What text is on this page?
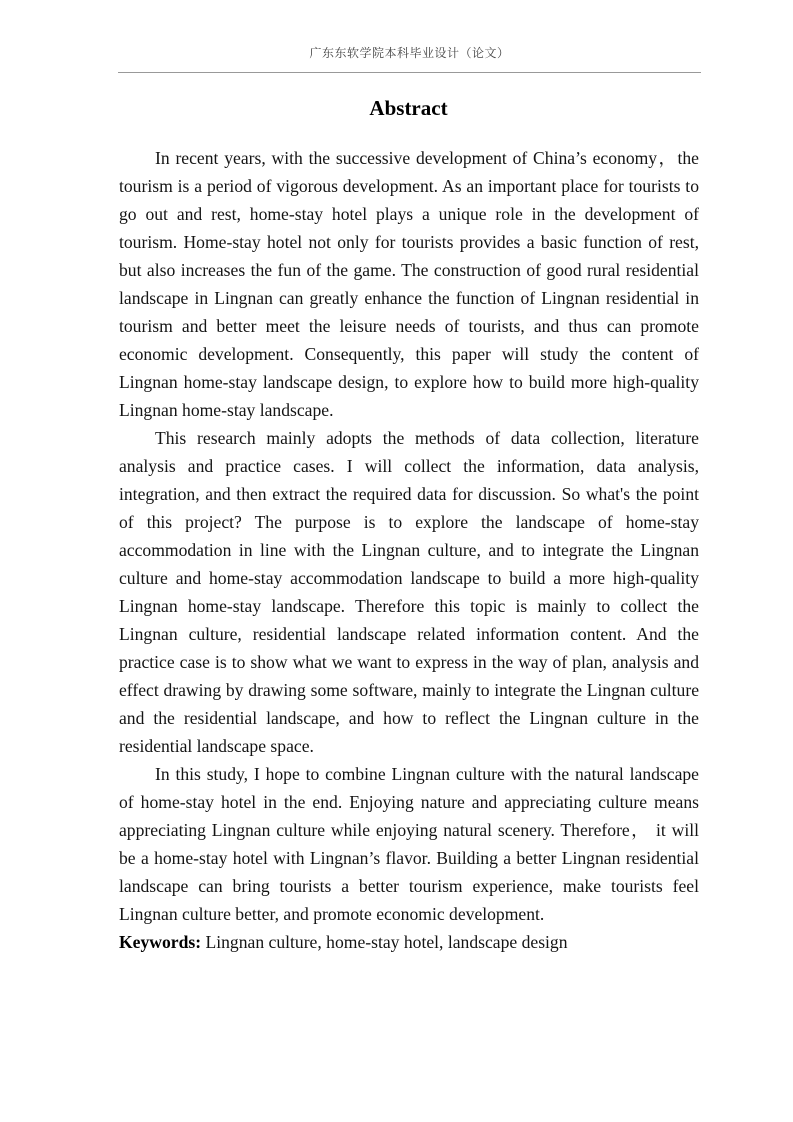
广东东软学院本科毕业设计（论文）
Abstract

In recent years, with the successive development of China’s economy，the tourism is a period of vigorous development. As an important place for tourists to go out and rest, home-stay hotel plays a unique role in the development of tourism. Home-stay hotel not only for tourists provides a basic function of rest, but also increases the fun of the game. The construction of good rural residential landscape in Lingnan can greatly enhance the function of Lingnan residential in tourism and better meet the leisure needs of tourists, and thus can promote economic development. Consequently, this paper will study the content of Lingnan home-stay landscape design, to explore how to build more high-quality Lingnan home-stay landscape.

This research mainly adopts the methods of data collection, literature analysis and practice cases. I will collect the information, data analysis, integration, and then extract the required data for discussion. So what's the point of this project? The purpose is to explore the landscape of home-stay accommodation in line with the Lingnan culture, and to integrate the Lingnan culture and home-stay accommodation landscape to build a more high-quality Lingnan home-stay landscape. Therefore this topic is mainly to collect the Lingnan culture, residential landscape related information content. And the practice case is to show what we want to express in the way of plan, analysis and effect drawing by drawing some software, mainly to integrate the Lingnan culture and the residential landscape, and how to reflect the Lingnan culture in the residential landscape space.

In this study, I hope to combine Lingnan culture with the natural landscape of home-stay hotel in the end. Enjoying nature and appreciating culture means appreciating Lingnan culture while enjoying natural scenery. Therefore， it will be a home-stay hotel with Lingnan’s flavor. Building a better Lingnan residential landscape can bring tourists a better tourism experience, make tourists feel Lingnan culture better, and promote economic development.

Keywords: Lingnan culture, home-stay hotel, landscape design
